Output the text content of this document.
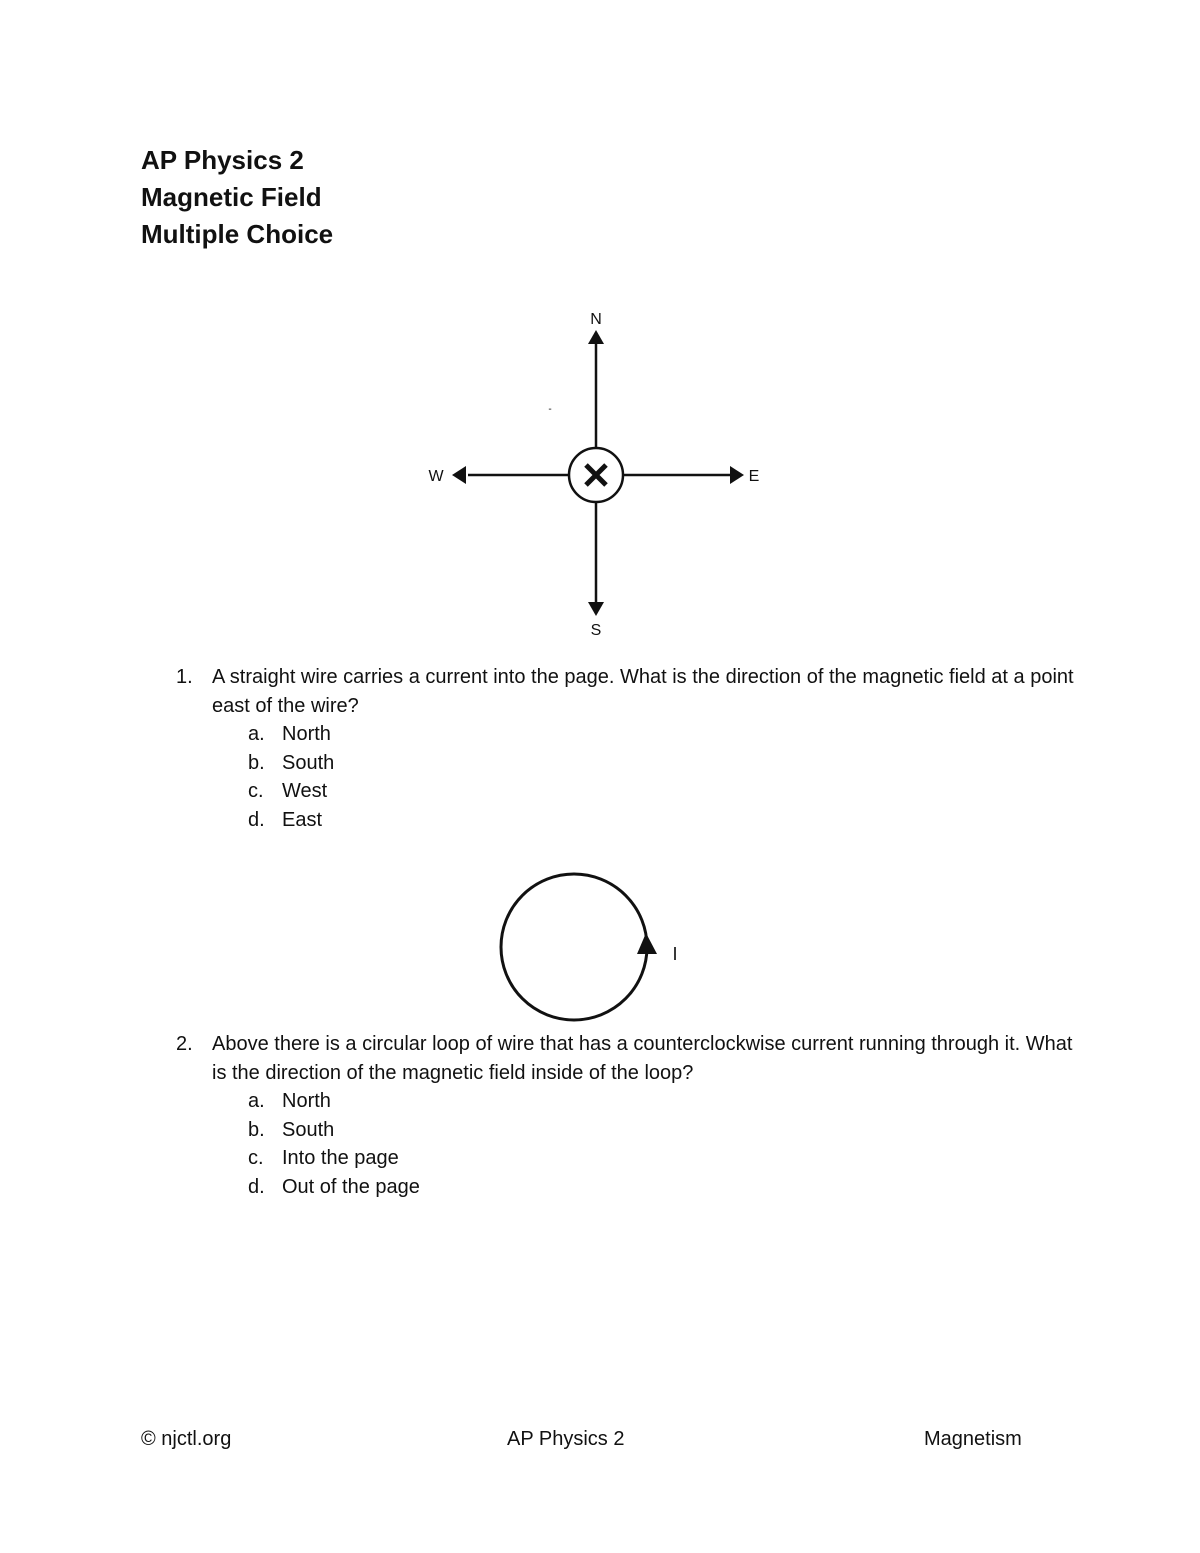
AP Physics 2
Magnetic Field
Multiple Choice
N
S
W	E
-
1. A straight wire carries a current into the page. What is the direction of the magnetic field at a point east of the wire?
a. North
b. South
c. West
d. East
I
2. Above there is a circular loop of wire that has a counterclockwise current running through it. What is the direction of the magnetic field inside of the loop?
a. North
b. South
c. Into the page
d. Out of the page
© njctl.org	AP Physics 2	Magnetism
